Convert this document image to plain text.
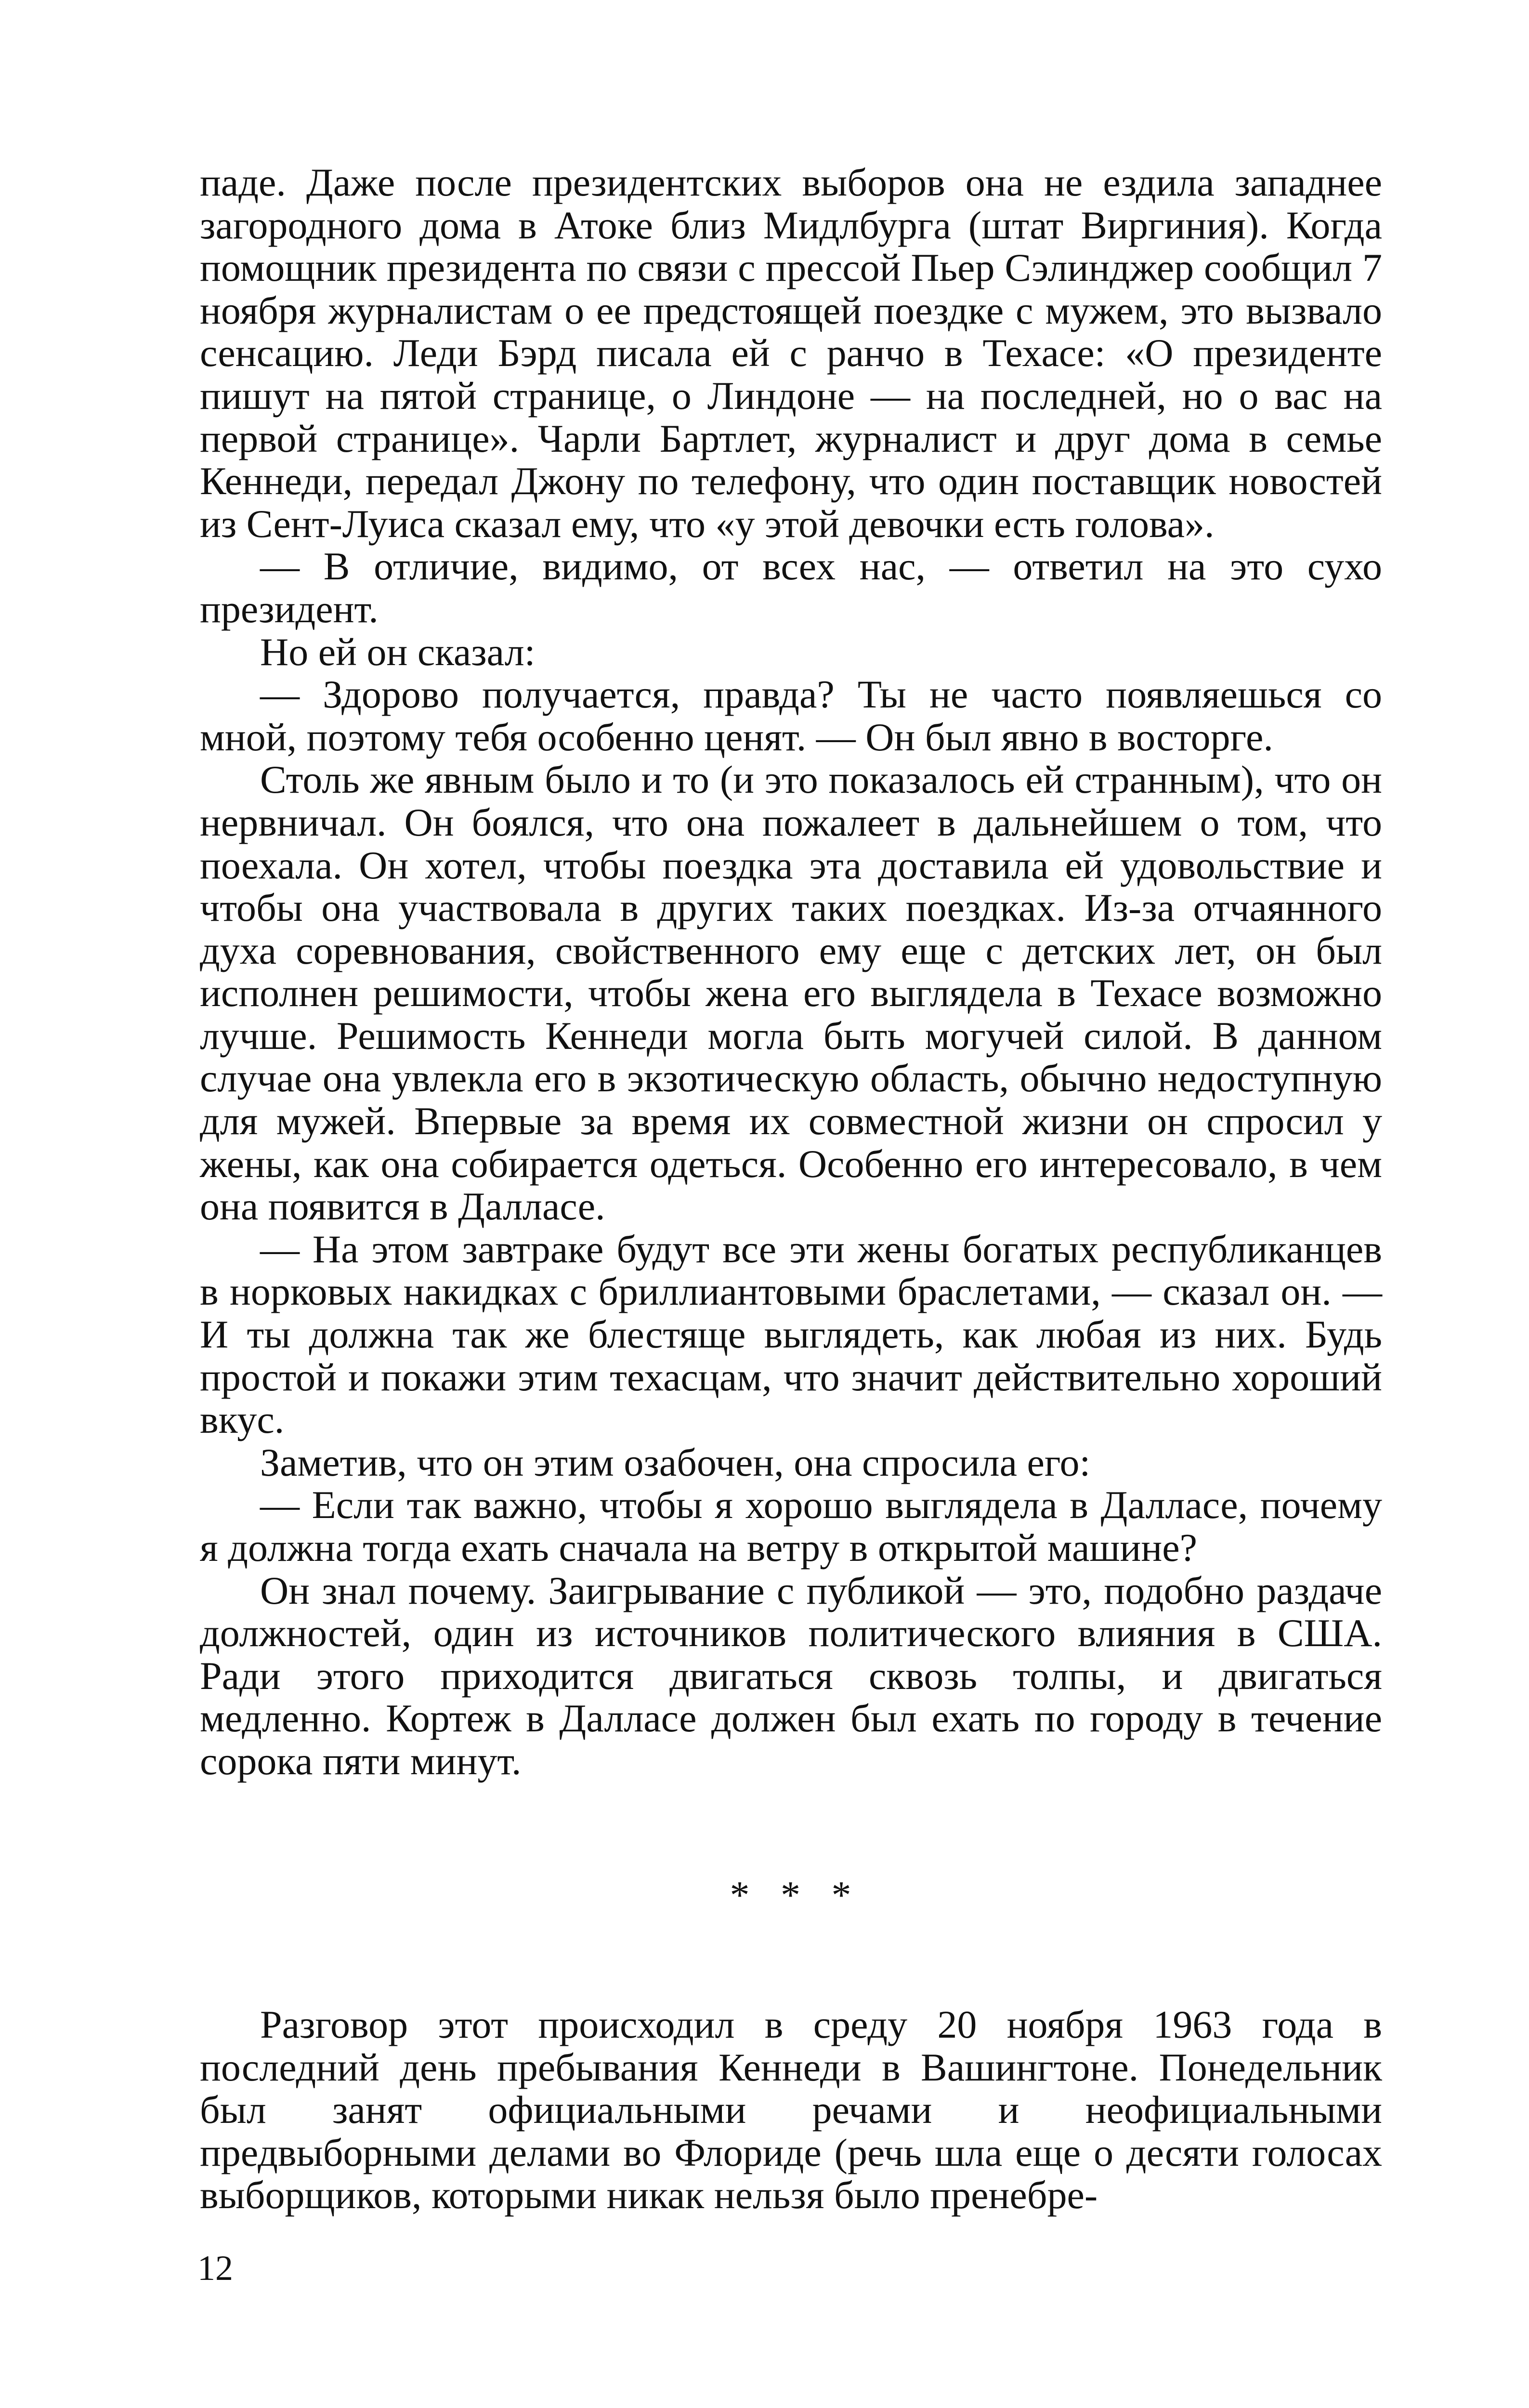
паде. Даже после президентских выборов она не ездила западнее загородного дома в Атоке близ Мидлбурга (штат Виргиния). Когда помощник президента по связи с прессой Пьер Сэлинджер сообщил 7 ноября журналистам о ее предстоящей поездке с мужем, это вызвало сенсацию. Леди Бэрд писала ей с ранчо в Техасе: «О президенте пишут на пятой странице, о Линдоне — на последней, но о вас на первой странице». Чарли Бартлет, журналист и друг дома в семье Кеннеди, передал Джону по телефону, что один поставщик новостей из Сент-Луиса сказал ему, что «у этой девочки есть голова».

— В отличие, видимо, от всех нас, — ответил на это сухо президент.

Но ей он сказал:

— Здорово получается, правда? Ты не часто появляешься со мной, поэтому тебя особенно ценят. — Он был явно в восторге.

Столь же явным было и то (и это показалось ей странным), что он нервничал. Он боялся, что она пожалеет в дальнейшем о том, что поехала. Он хотел, чтобы поездка эта доставила ей удовольствие и чтобы она участвовала в других таких поездках. Из-за отчаянного духа соревнования, свойственного ему еще с детских лет, он был исполнен решимости, чтобы жена его выглядела в Техасе возможно лучше. Решимость Кеннеди могла быть могучей силой. В данном случае она увлекла его в экзотическую область, обычно недоступную для мужей. Впервые за время их совместной жизни он спросил у жены, как она собирается одеться. Особенно его интересовало, в чем она появится в Далласе.

— На этом завтраке будут все эти жены богатых республиканцев в норковых накидках с бриллиантовыми браслетами, — сказал он. — И ты должна так же блестяще выглядеть, как любая из них. Будь простой и покажи этим техасцам, что значит действительно хороший вкус.

Заметив, что он этим озабочен, она спросила его:

— Если так важно, чтобы я хорошо выглядела в Далласе, почему я должна тогда ехать сначала на ветру в открытой машине?

Он знал почему. Заигрывание с публикой — это, подобно раздаче должностей, один из источников политического влияния в США. Ради этого приходится двигаться сквозь толпы, и двигаться медленно. Кортеж в Далласе должен был ехать по городу в течение сорока пяти минут.

* * *

Разговор этот происходил в среду 20 ноября 1963 года в последний день пребывания Кеннеди в Вашингтоне. Понедельник был занят официальными речами и неофициальными предвыборными делами во Флориде (речь шла еще о десяти голосах выборщиков, которыми никак нельзя было пренебре-

12
